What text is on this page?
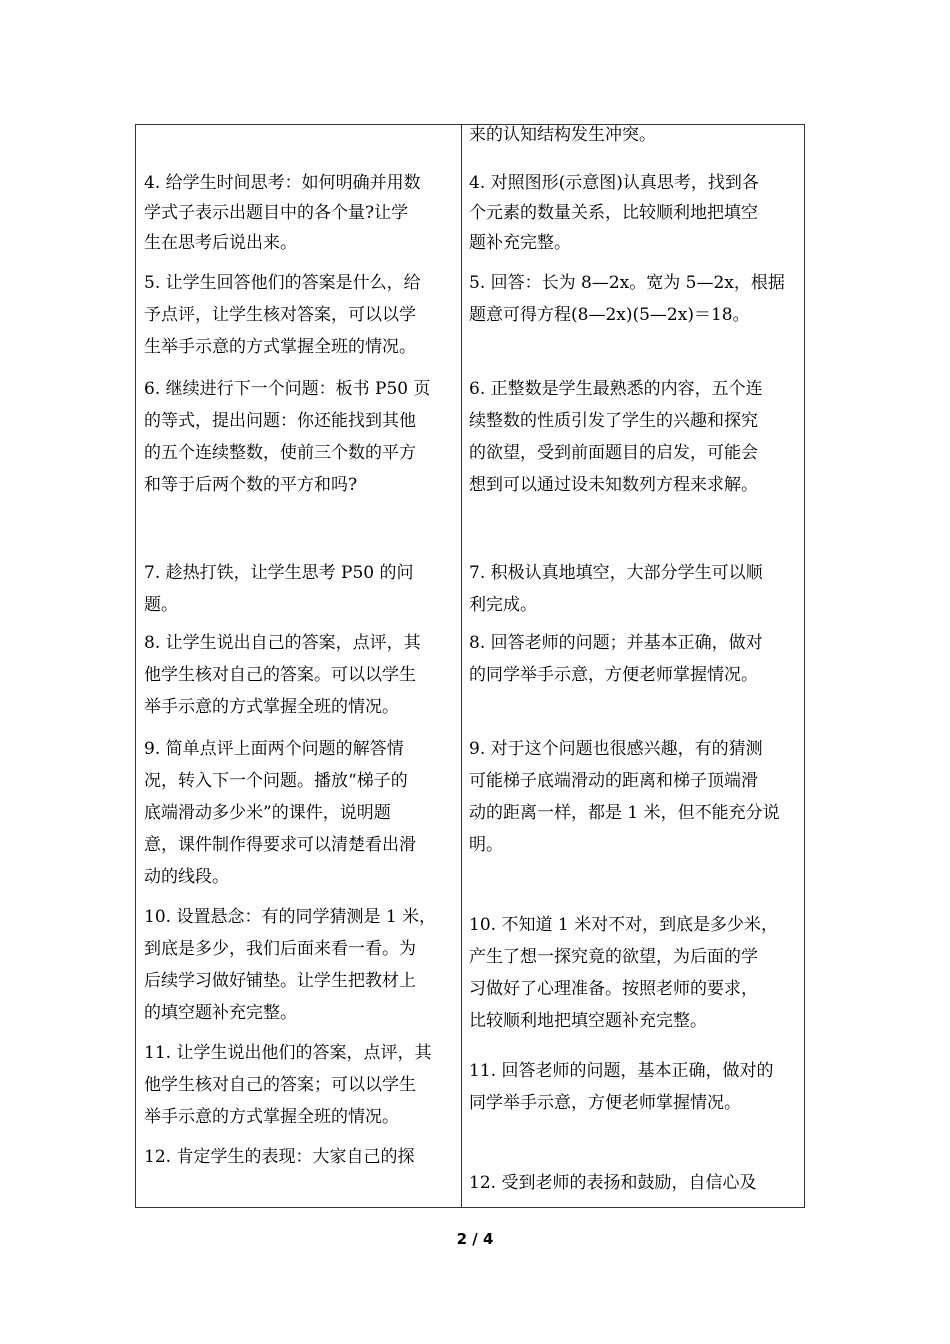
4. 给学生时间思考：如何明确并用数
学式子表示出题目中的各个量?让学
生在思考后说出来。
5. 让学生回答他们的答案是什么，给
予点评，让学生核对答案，可以以学
生举手示意的方式掌握全班的情况。
6. 继续进行下一个问题：板书 P50 页
的等式，提出问题：你还能找到其他
的五个连续整数，使前三个数的平方
和等于后两个数的平方和吗?
7. 趁热打铁，让学生思考 P50 的问
题。
8. 让学生说出自己的答案，点评，其
他学生核对自己的答案。可以以学生
举手示意的方式掌握全班的情况。
9. 简单点评上面两个问题的解答情
况，转入下一个问题。播放“梯子的
底端滑动多少米”的课件，说明题
意，课件制作得要求可以清楚看出滑
动的线段。
10. 设置悬念：有的同学猜测是 1 米，
到底是多少，我们后面来看一看。为
后续学习做好铺垫。让学生把教材上
的填空题补充完整。
11. 让学生说出他们的答案，点评，其
他学生核对自己的答案；可以以学生
举手示意的方式掌握全班的情况。
12. 肯定学生的表现：大家自己的探
来的认知结构发生冲突。
4. 对照图形(示意图)认真思考，找到各
个元素的数量关系，比较顺利地把填空
题补充完整。
5. 回答：长为 8—2x。宽为 5—2x，根据
题意可得方程(8—2x)(5—2x)＝18。
6. 正整数是学生最熟悉的内容，五个连
续整数的性质引发了学生的兴趣和探究
的欲望，受到前面题目的启发，可能会
想到可以通过设未知数列方程来求解。
7. 积极认真地填空，大部分学生可以顺
利完成。
8. 回答老师的问题；并基本正确，做对
的同学举手示意，方便老师掌握情况。
9. 对于这个问题也很感兴趣，有的猜测
可能梯子底端滑动的距离和梯子顶端滑
动的距离一样，都是 1 米，但不能充分说
明。
10. 不知道 1 米对不对，到底是多少米，
产生了想一探究竟的欲望，为后面的学
习做好了心理准备。按照老师的要求，
比较顺利地把填空题补充完整。
11. 回答老师的问题，基本正确，做对的
同学举手示意，方便老师掌握情况。
12. 受到老师的表扬和鼓励，自信心及
2 / 4
